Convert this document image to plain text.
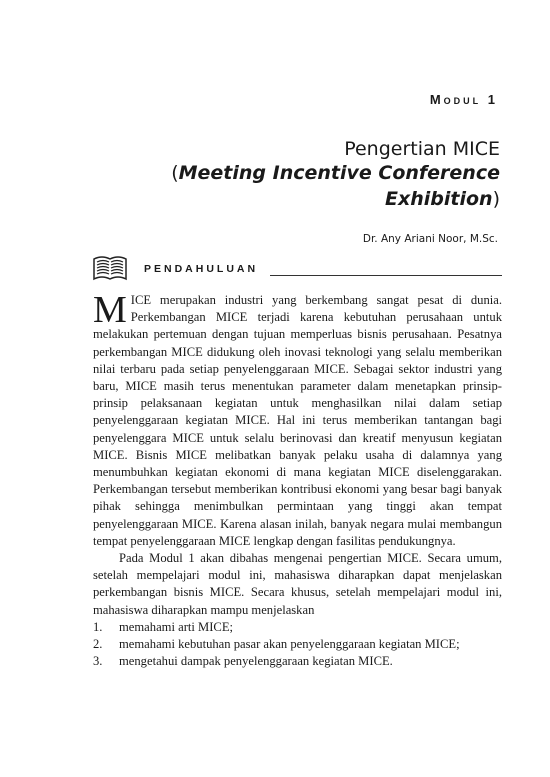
Modul 1
Pengertian MICE
(Meeting Incentive Conference
Exhibition)
Dr. Any Ariani Noor, M.Sc.
PENDAHULUAN

MICE merupakan industri yang berkembang sangat pesat di dunia. Perkembangan MICE terjadi karena kebutuhan perusahaan untuk melakukan pertemuan dengan tujuan memperluas bisnis perusahaan. Pesatnya perkembangan MICE didukung oleh inovasi teknologi yang selalu memberikan nilai terbaru pada setiap penyelenggaraan MICE. Sebagai sektor industri yang baru, MICE masih terus menentukan parameter dalam menetapkan prinsip-prinsip pelaksanaan kegiatan untuk menghasilkan nilai dalam setiap penyelenggaraan kegiatan MICE. Hal ini terus memberikan tantangan bagi penyelenggara MICE untuk selalu berinovasi dan kreatif menyusun kegiatan MICE. Bisnis MICE melibatkan banyak pelaku usaha di dalamnya yang menumbuhkan kegiatan ekonomi di mana kegiatan MICE diselenggarakan. Perkembangan tersebut memberikan kontribusi ekonomi yang besar bagi banyak pihak sehingga menimbulkan permintaan yang tinggi akan tempat penyelenggaraan MICE. Karena alasan inilah, banyak negara mulai membangun tempat penyelenggaraan MICE lengkap dengan fasilitas pendukungnya.

Pada Modul 1 akan dibahas mengenai pengertian MICE. Secara umum, setelah mempelajari modul ini, mahasiswa diharapkan dapat menjelaskan perkembangan bisnis MICE. Secara khusus, setelah mempelajari modul ini, mahasiswa diharapkan mampu menjelaskan

1.	memahami arti MICE;
2.	memahami kebutuhan pasar akan penyelenggaraan kegiatan MICE;
3.	mengetahui dampak penyelenggaraan kegiatan MICE.
